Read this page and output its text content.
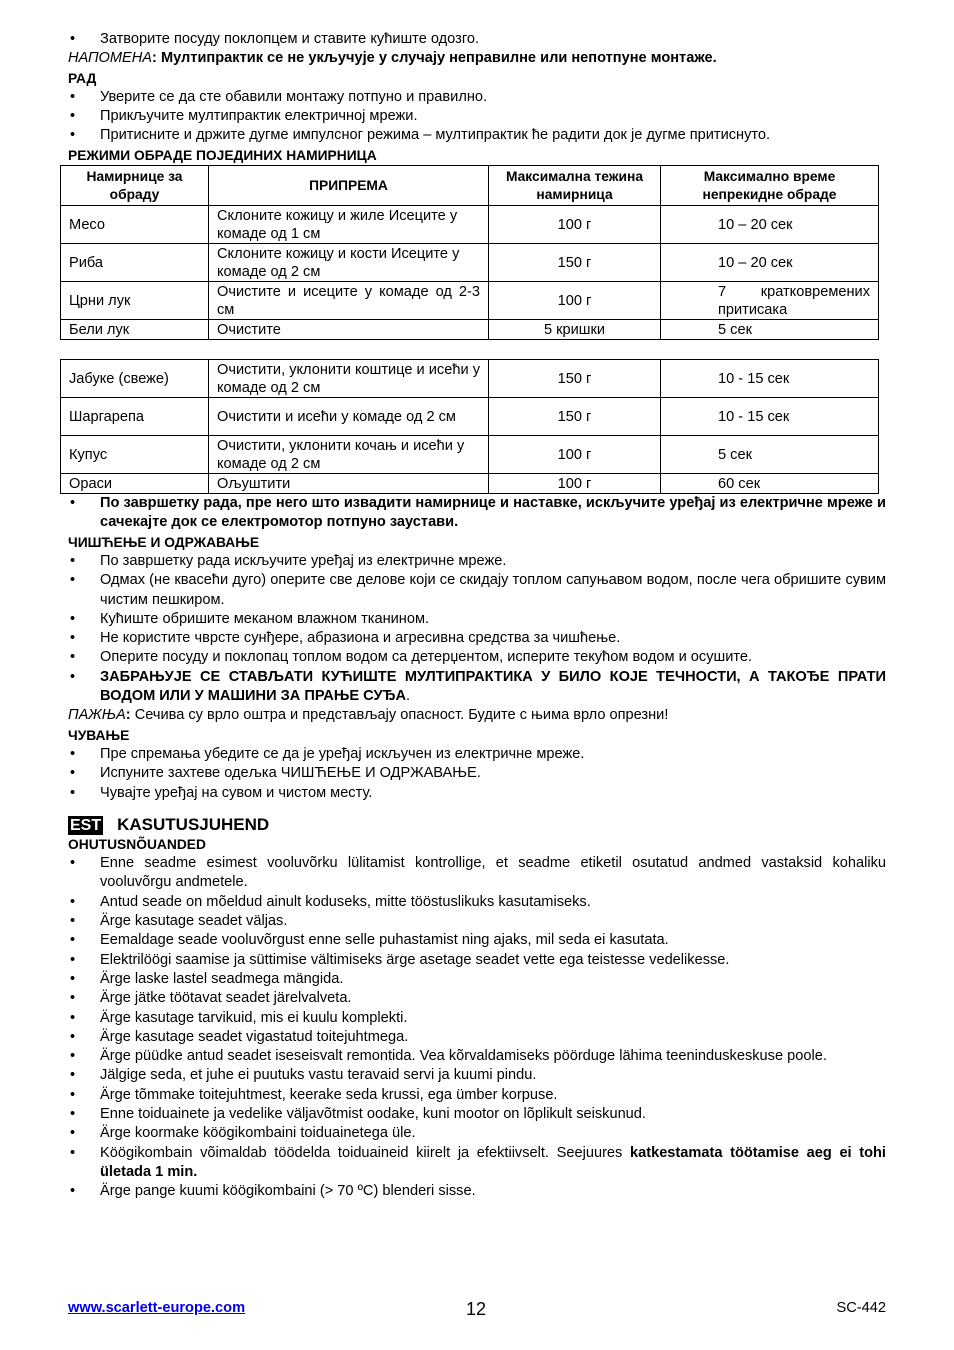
• Затворите посуду поклопцем и ставите кућиште одозго.
НАПОМЕНА: Мултипрактик се не укључује у случају неправилне или непотпуне монтаже.
РАД
• Уверите се да сте обавили монтажу потпуно и правилно.
• Прикључите мултипрактик електричној мрежи.
• Притисните и држите дугме импулсног режима – мултипрактик ће радити док је дугме притиснуто.
РЕЖИМИ ОБРАДЕ ПОЈЕДИНИХ НАМИРНИЦА
Намирнице за обраду	ПРИПРЕМА	Максимална тежина намирница	Максимално време непрекидне обраде
Месо	Склоните кожицу и жиле Исеците у комаде од 1 см	100 г	10 – 20 сек
Риба	Склоните кожицу и кости Исеците у комаде од 2 см	150 г	10 – 20 сек
Црни лук	Очистите и исеците у комаде од 2-3 см	100 г	7 кратковремених притисака
Бели лук	Очистите	5 кришки	5 сек
Јабуке (свеже)	Очистити, уклонити коштице и исећи у комаде од 2 см	150 г	10 - 15 сек
Шаргарепа	Очистити и исећи у комаде од 2 см	150 г	10 - 15 сек
Купус	Очистити, уклонити кочањ и исећи у комаде од 2 см	100 г	5 сек
Ораси	Ољуштити	100 г	60 сек
• По завршетку рада, пре него што извадити намирнице и наставке, искључите уређај из електричне мреже и сачекајте док се електромотор потпуно заустави.
ЧИШЋЕЊЕ И ОДРЖАВАЊЕ
• По завршетку рада искључите уређај из електричне мреже.
• Одмах (не квасећи дуго) оперите све делове који се скидају топлом сапуњавом водом, после чега обришите сувим чистим пешкиром.
• Кућиште обришите меканом влажном тканином.
• Не користите чврсте сунђере, абразиона и агресивна средства за чишћење.
• Оперите посуду и поклопац топлом водом са детерџентом, исперите текућом водом и осушите.
• ЗАБРАЊУЈЕ СЕ СТАВЉАТИ КУЋИШТЕ МУЛТИПРАКТИКА У БИЛО КОЈЕ ТЕЧНОСТИ, А ТАКОЂЕ ПРАТИ ВОДОМ ИЛИ У МАШИНИ ЗА ПРАЊЕ СУЂА.
ПАЖЊА: Сечива су врло оштра и представљају опасност. Будите с њима врло опрезни!
ЧУВАЊЕ
• Пре спремања убедите се да је уређај искључен из електричне мреже.
• Испуните захтеве одељка ЧИШЋЕЊЕ И ОДРЖАВАЊЕ.
• Чувајте уређај на сувом и чистом месту.
EST KASUTUSJUHEND
OHUTUSNÕUANDED
• Enne seadme esimest vooluvõrku lülitamist kontrollige, et seadme etiketil osutatud andmed vastaksid kohaliku vooluvõrgu andmetele.
• Antud seade on mõeldud ainult koduseks, mitte tööstuslikuks kasutamiseks.
• Ärge kasutage seadet väljas.
• Eemaldage seade vooluvõrgust enne selle puhastamist ning ajaks, mil seda ei kasutata.
• Elektrilöögi saamise ja süttimise vältimiseks ärge asetage seadet vette ega teistesse vedelikesse.
• Ärge laske lastel seadmega mängida.
• Ärge jätke töötavat seadet järelvalveta.
• Ärge kasutage tarvikuid, mis ei kuulu komplekti.
• Ärge kasutage seadet vigastatud toitejuhtmega.
• Ärge püüdke antud seadet iseseisvalt remontida. Vea kõrvaldamiseks pöörduge lähima teeninduskeskuse poole.
• Jälgige seda, et juhe ei puutuks vastu teravaid servi ja kuumi pindu.
• Ärge tõmmake toitejuhtmest, keerake seda krussi, ega ümber korpuse.
• Enne toiduainete ja vedelike väljavõtmist oodake, kuni mootor on lõplikult seiskunud.
• Ärge koormake köögikombaini toiduainetega üle.
• Köögikombain võimaldab töödelda toiduaineid kiirelt ja efektiivselt. Seejuures katkestamata töötamise aeg ei tohi ületada 1 min.
• Ärge pange kuumi köögikombaini (> 70 ºC) blenderi sisse.
www.scarlett-europe.com	12	SC-442
